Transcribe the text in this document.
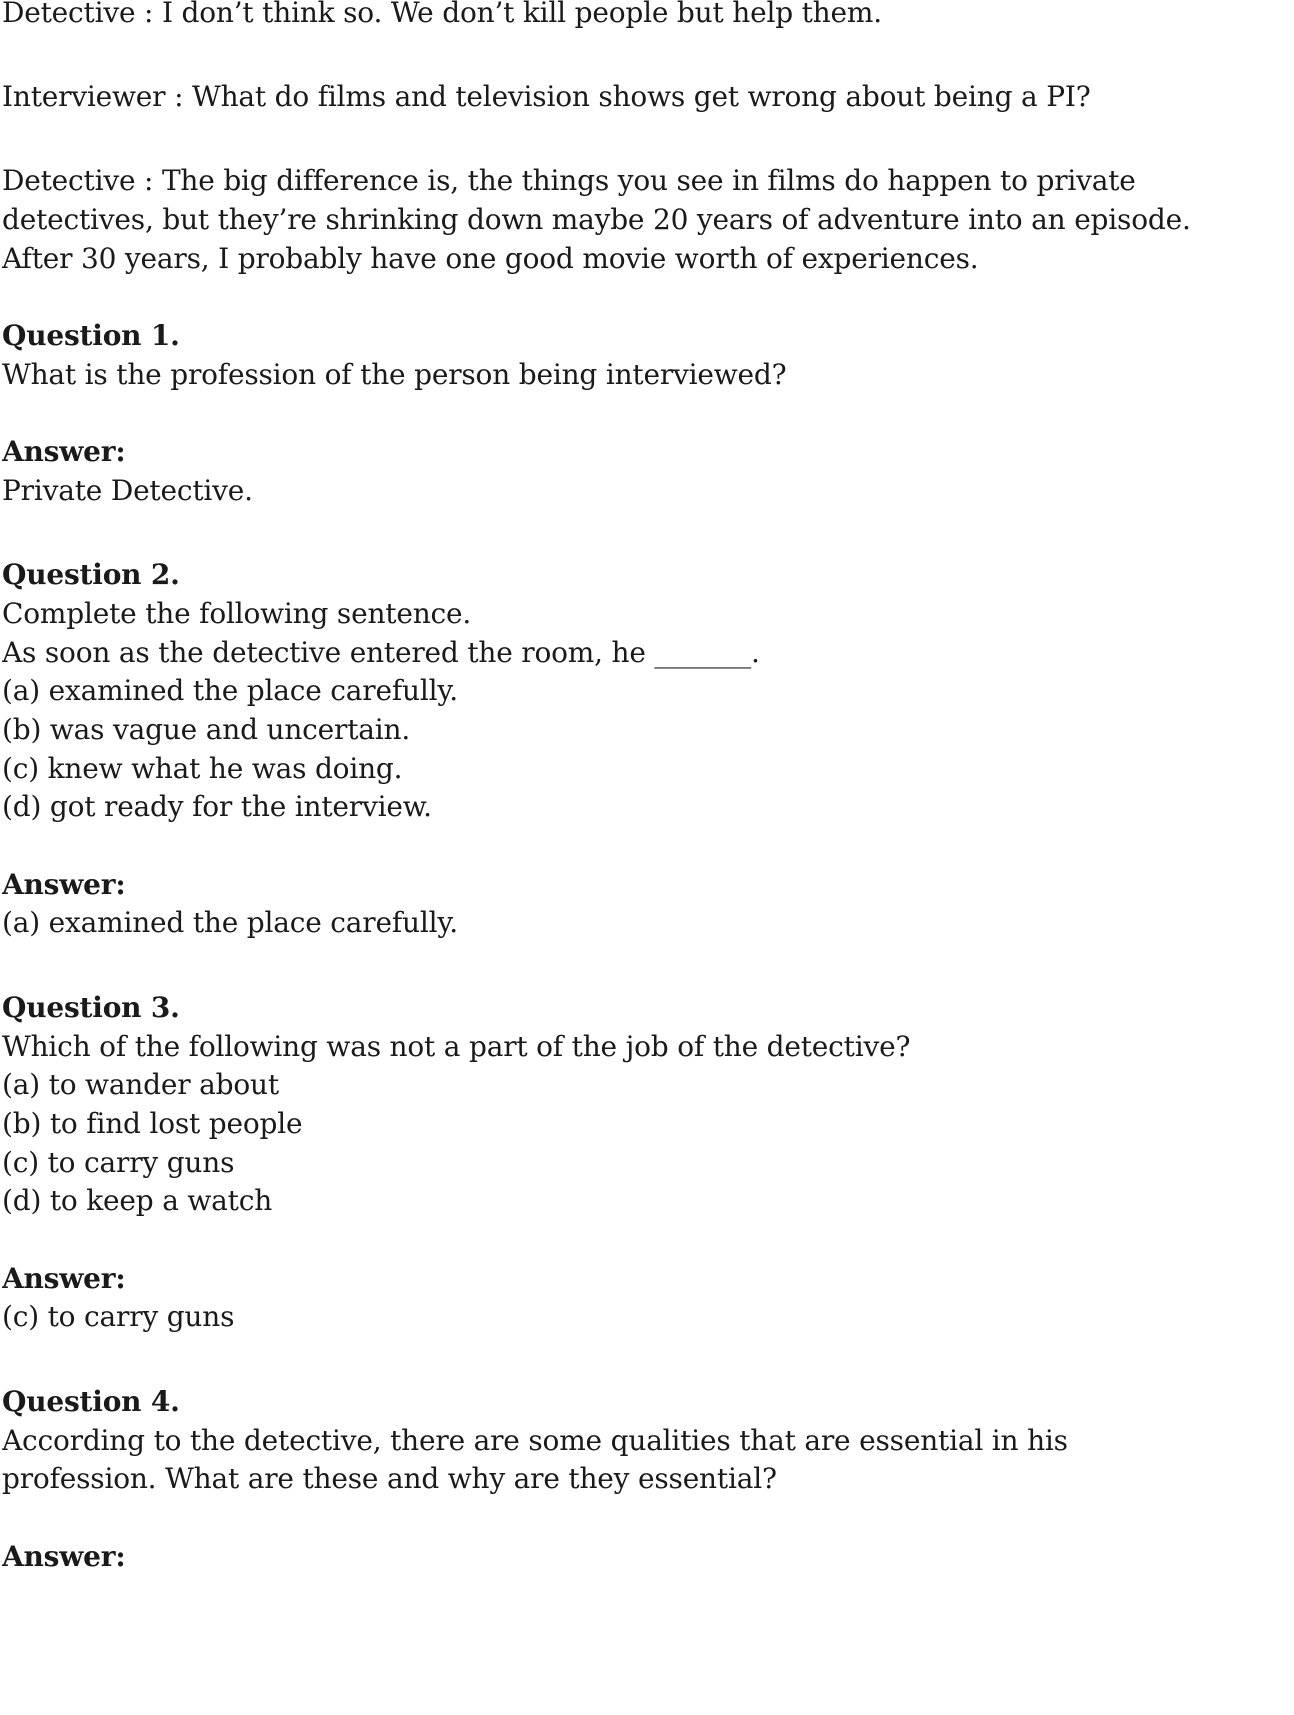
Detective : I don’t think so. We don’t kill people but help them.
Interviewer : What do films and television shows get wrong about being a PI?
Detective : The big difference is, the things you see in films do happen to private
detectives, but they’re shrinking down maybe 20 years of adventure into an episode.
After 30 years, I probably have one good movie worth of experiences.
Question 1.
What is the profession of the person being interviewed?
Answer:
Private Detective.
Question 2.
Complete the following sentence.
As soon as the detective entered the room, he _______.
(a) examined the place carefully.
(b) was vague and uncertain.
(c) knew what he was doing.
(d) got ready for the interview.
Answer:
(a) examined the place carefully.
Question 3.
Which of the following was not a part of the job of the detective?
(a) to wander about
(b) to find lost people
(c) to carry guns
(d) to keep a watch
Answer:
(c) to carry guns
Question 4.
According to the detective, there are some qualities that are essential in his
profession. What are these and why are they essential?
Answer:
